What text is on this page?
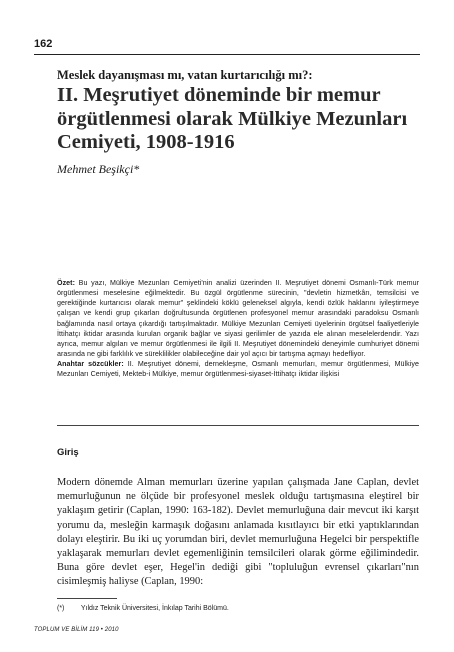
162
Meslek dayanışması mı, vatan kurtarıcılığı mı?:
II. Meşrutiyet döneminde bir memur örgütlenmesi olarak Mülkiye Mezunları Cemiyeti, 1908-1916
Mehmet Beşikçi*

Özet: Bu yazı, Mülkiye Mezunları Cemiyeti'nin analizi üzerinden II. Meşrutiyet dönemi Osmanlı-Türk memur örgütlenmesi meselesine eğilmektedir. Bu özgül örgütlenme sürecinin, "devletin hizmetkârı, temsilcisi ve gerektiğinde kurtarıcısı olarak memur" şeklindeki köklü geleneksel algıyla, kendi özlük haklarını iyileştirmeye çalışan ve kendi grup çıkarları doğrultusunda örgütlenen profesyonel memur arasındaki paradoksu Osmanlı bağlamında nasıl ortaya çıkardığı tartışılmaktadır. Mülkiye Mezunları Cemiyeti üyelerinin örgütsel faaliyetleriyle İttihatçı iktidar arasında kurulan organik bağlar ve siyasi gerilimler de yazıda ele alınan meselelerdendir. Yazı ayrıca, memur algıları ve memur örgütlenmesi ile ilgili II. Meşrutiyet dönemindeki deneyimle cumhuriyet dönemi arasında ne gibi farklılık ve süreklilikler olabileceğine dair yol açıcı bir tartışma açmayı hedefliyor.

Anahtar sözcükler: II. Meşrutiyet dönemi, dernekleşme, Osmanlı memurları, memur örgütlenmesi, Mülkiye Mezunları Cemiyeti, Mekteb-i Mülkiye, memur örgütlenmesi-siyaset-İttihatçı iktidar ilişkisi

Giriş

Modern dönemde Alman memurları üzerine yapılan çalışmada Jane Caplan, devlet memurluğunun ne ölçüde bir profesyonel meslek olduğu tartışmasına eleştirel bir yaklaşım getirir (Caplan, 1990: 163-182). Devlet memurluğuna dair mevcut iki karşıt yorumu da, mesleğin karmaşık doğasını anlamada kısıtlayıcı bir etki yaptıklarından dolayı eleştirir. Bu iki uç yorumdan biri, devlet memurluğuna Hegelci bir perspektifle yaklaşarak memurları devlet egemenliğinin temsilcileri olarak görme eğilimindedir. Buna göre devlet eşer, Hegel'in dediği gibi "topluluğun evrensel çıkarları"nın cisimleşmiş haliyse (Caplan, 1990:

(*) Yıldız Teknik Üniversitesi, İnkılap Tarihi Bölümü.
TOPLUM VE BİLİM 119 • 2010
